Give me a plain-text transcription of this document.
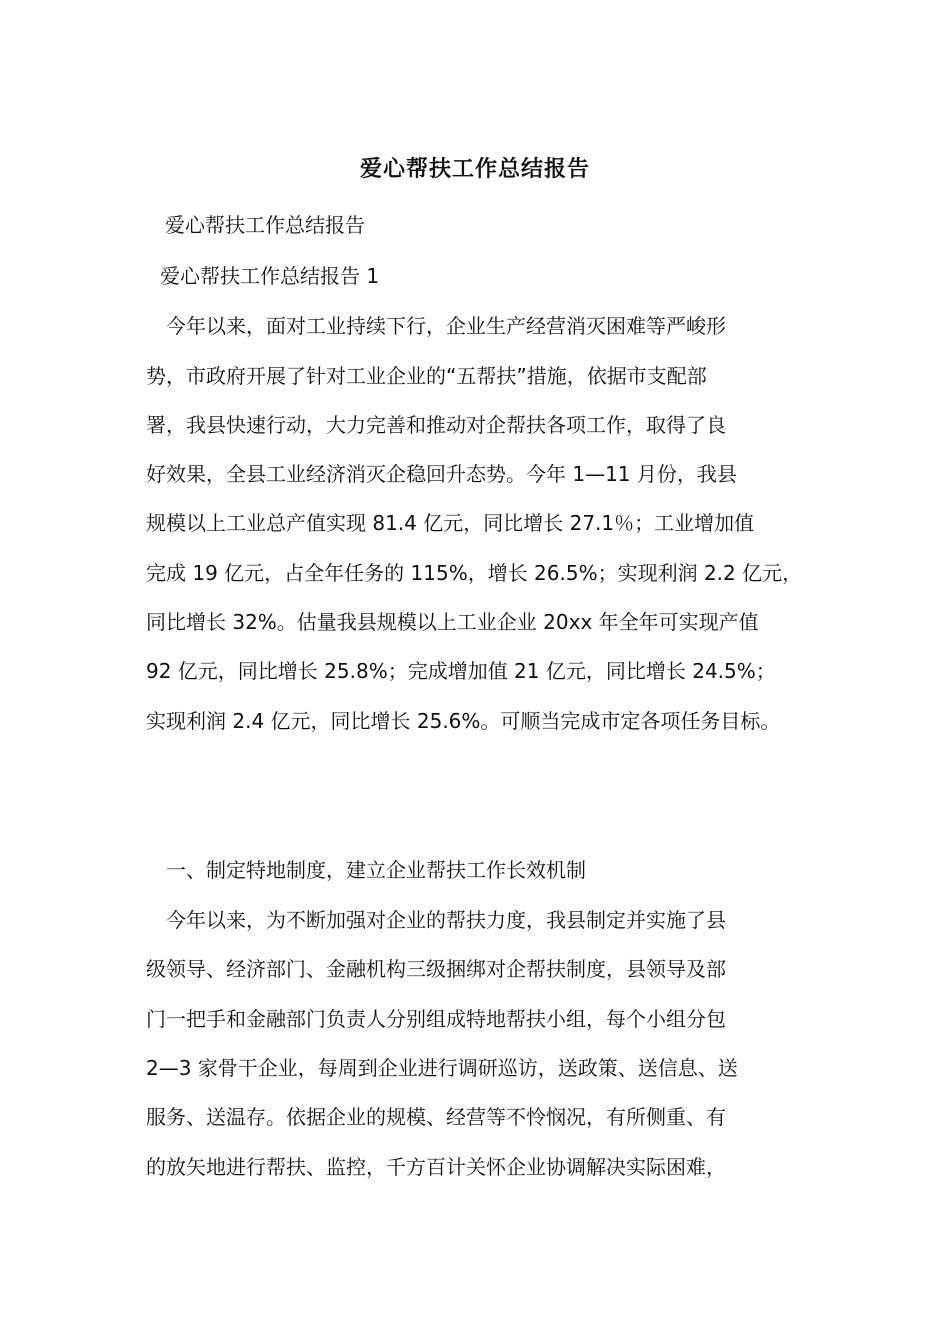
爱心帮扶工作总结报告
爱心帮扶工作总结报告
爱心帮扶工作总结报告 1
今年以来，面对工业持续下行，企业生产经营消灭困难等严峻形
势，市政府开展了针对工业企业的“五帮扶”措施，依据市支配部
署，我县快速行动，大力完善和推动对企帮扶各项工作，取得了良
好效果，全县工业经济消灭企稳回升态势。今年 1—11 月份，我县
规模以上工业总产值实现 81.4 亿元，同比增长 27.1％；工业增加值
完成 19 亿元，占全年任务的 115%，增长 26.5%；实现利润 2.2 亿元，
同比增长 32%。估量我县规模以上工业企业 20xx 年全年可实现产值
92 亿元，同比增长 25.8%；完成增加值 21 亿元，同比增长 24.5%；
实现利润 2.4 亿元，同比增长 25.6%。可顺当完成市定各项任务目标。
一、制定特地制度，建立企业帮扶工作长效机制
今年以来，为不断加强对企业的帮扶力度，我县制定并实施了县
级领导、经济部门、金融机构三级捆绑对企帮扶制度，县领导及部
门一把手和金融部门负责人分别组成特地帮扶小组，每个小组分包
2—3 家骨干企业，每周到企业进行调研巡访，送政策、送信息、送
服务、送温存。依据企业的规模、经营等不怜悯况，有所侧重、有
的放矢地进行帮扶、监控，千方百计关怀企业协调解决实际困难，
